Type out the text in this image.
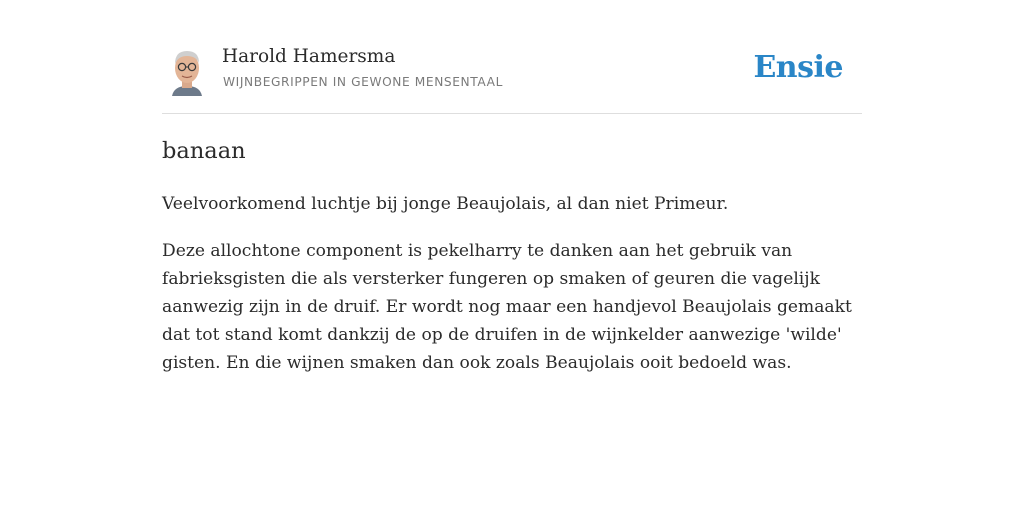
Harold Hamersma
WIJNBEGRIPPEN IN GEWONE MENSENTAAL	Ensie
banaan

Veelvoorkomend luchtje bij jonge Beaujolais, al dan niet Primeur.

Deze allochtone component is pekelharry te danken aan het gebruik van fabrieksgisten die als versterker fungeren op smaken of geuren die vagelijk aanwezig zijn in de druif. Er wordt nog maar een handjevol Beaujolais gemaakt dat tot stand komt dankzij de op de druifen in de wijnkelder aanwezige 'wilde' gisten. En die wijnen smaken dan ook zoals Beaujolais ooit bedoeld was.
